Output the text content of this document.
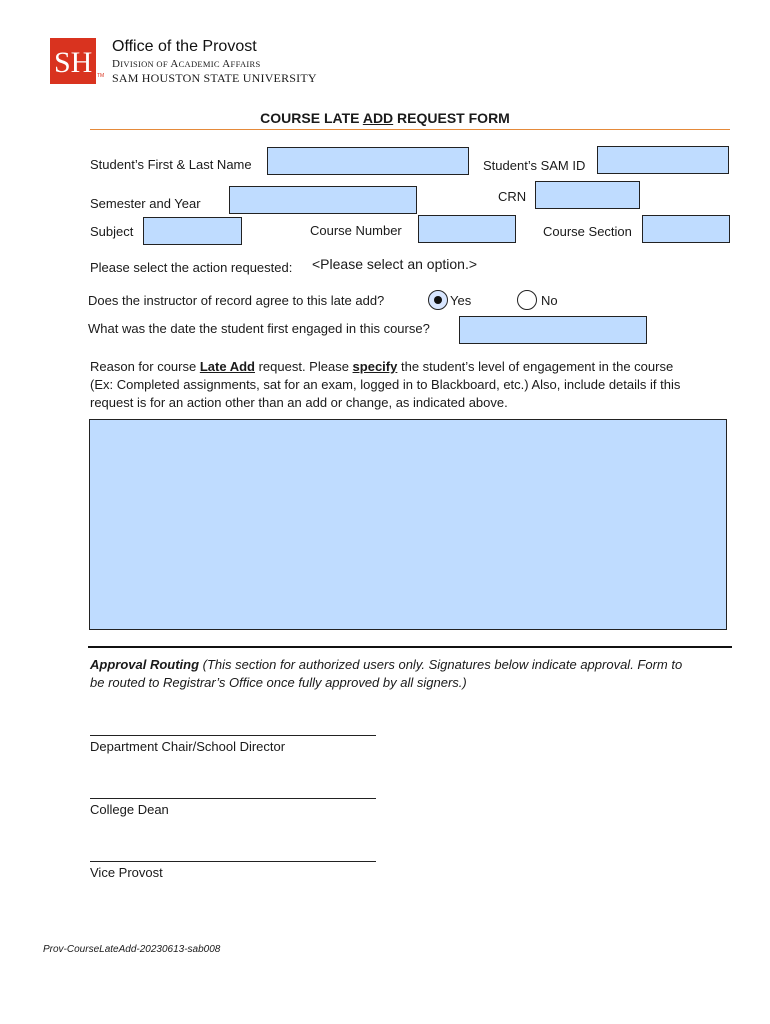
SH TM
Office of the Provost
DIVISION OF ACADEMIC AFFAIRS
SAM HOUSTON STATE UNIVERSITY
COURSE LATE ADD REQUEST FORM
Student’s First & Last Name	Student’s SAM ID
CRN
Semester and Year
Subject	Course Number	Course Section
Please select the action requested: <Please select an option.>
Does the instructor of record agree to this late add?	Yes	No
What was the date the student first engaged in this course?
Reason for course Late Add request. Please specify the student’s level of engagement in the course
(Ex: Completed assignments, sat for an exam, logged in to Blackboard, etc.) Also, include details if this
request is for an action other than an add or change, as indicated above.
Approval Routing (This section for authorized users only. Signatures below indicate approval. Form to
be routed to Registrar’s Office once fully approved by all signers.)
Department Chair/School Director
College Dean
Vice Provost
Prov-CourseLateAdd-20230613-sab008
